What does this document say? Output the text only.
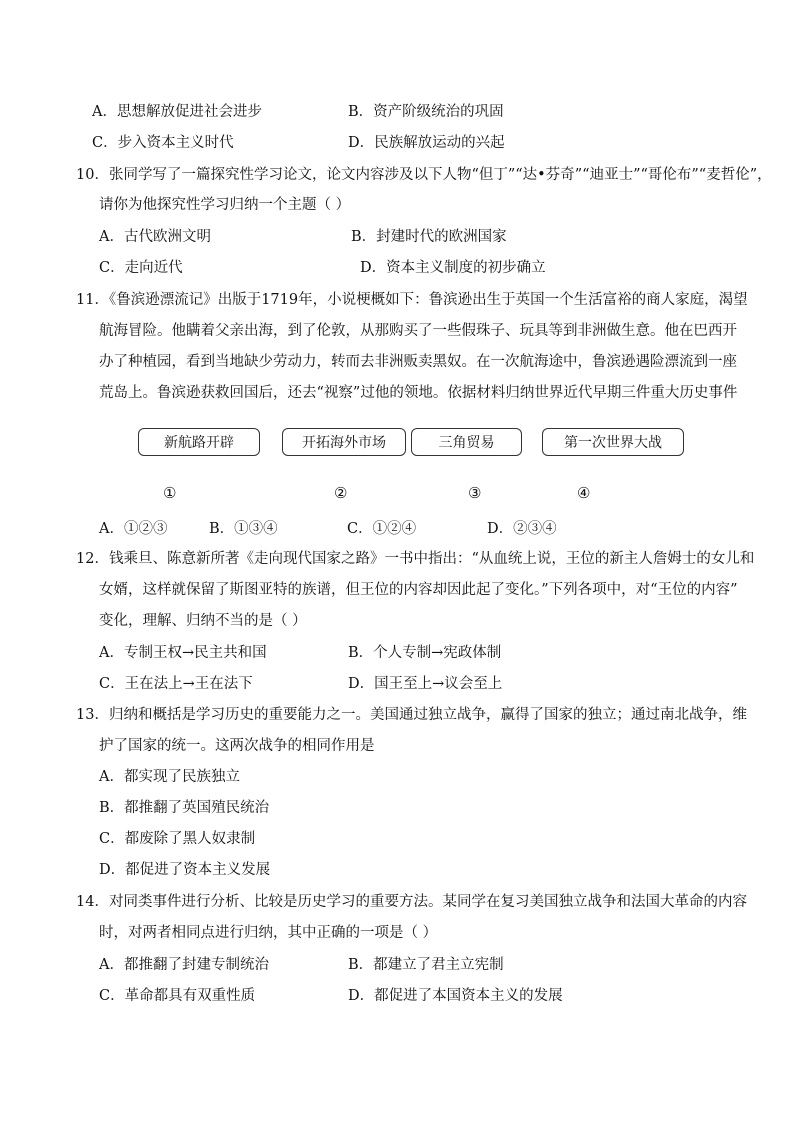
A．思想解放促进社会进步	B．资产阶级统治的巩固
C．步入资本主义时代	D．民族解放运动的兴起
10．张同学写了一篇探究性学习论文，论文内容涉及以下人物“但丁”“达•芬奇”“迪亚士”“哥伦布”“麦哲伦”，
请你为他探究性学习归纳一个主题（ ）
A．古代欧洲文明	B．封建时代的欧洲国家
C．走向近代	D．资本主义制度的初步确立
11．《鲁滨逊漂流记》出版于1719年，小说梗概如下：鲁滨逊出生于英国一个生活富裕的商人家庭，渴望
航海冒险。他瞒着父亲出海，到了伦敦，从那购买了一些假珠子、玩具等到非洲做生意。他在巴西开
办了种植园，看到当地缺少劳动力，转而去非洲贩卖黑奴。在一次航海途中，鲁滨逊遇险漂流到一座
荒岛上。鲁滨逊获救回国后，还去“视察”过他的领地。依据材料归纳世界近代早期三件重大历史事件
新航路开辟	开拓海外市场	三角贸易	第一次世界大战
①	②	③	④
A．①②③	B．①③④	C．①②④	D．②③④
12．钱乘旦、陈意新所著《走向现代国家之路》一书中指出：“从血统上说，王位的新主人詹姆士的女儿和
女婿，这样就保留了斯图亚特的族谱，但王位的内容却因此起了变化。”下列各项中，对“王位的内容”
变化，理解、归纳不当的是（ ）
A．专制王权→民主共和国	B．个人专制→宪政体制
C．王在法上→王在法下	D．国王至上→议会至上
13．归纳和概括是学习历史的重要能力之一。美国通过独立战争，赢得了国家的独立；通过南北战争，维
护了国家的统一。这两次战争的相同作用是
A．都实现了民族独立
B．都推翻了英国殖民统治
C．都废除了黑人奴隶制
D．都促进了资本主义发展
14．对同类事件进行分析、比较是历史学习的重要方法。某同学在复习美国独立战争和法国大革命的内容
时，对两者相同点进行归纳，其中正确的一项是（ ）
A．都推翻了封建专制统治	B．都建立了君主立宪制
C．革命都具有双重性质	D．都促进了本国资本主义的发展
